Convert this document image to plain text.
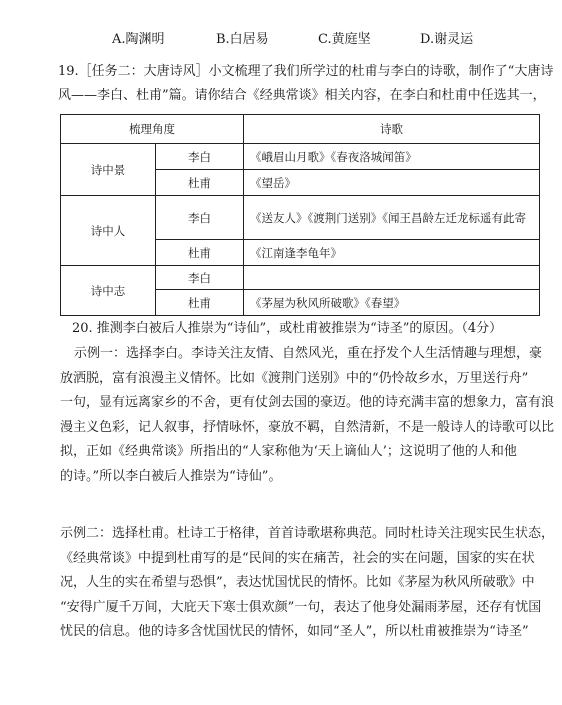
A.陶渊明	B.白居易	C.黄庭坚	D.谢灵运

19.［任务二：大唐诗风］小文梳理了我们所学过的杜甫与李白的诗歌，制作了“大唐诗

风——李白、杜甫”篇。请你结合《经典常谈》相关内容，在李白和杜甫中任选其一，

梳理角度		诗歌
诗中景	李白	《峨眉山月歌》《春夜洛城闻笛》
	杜甫	《望岳》
诗中人	李白	《送友人》《渡荆门送别》《闻王昌龄左迁龙标遥有此寄
	杜甫	《江南逢李龟年》
诗中志	李白	
	杜甫	《茅屋为秋风所破歌》《春望》
20. 推测李白被后人推崇为“诗仙”，或杜甫被推崇为“诗圣”的原因。（4分）

示例一：选择李白。李诗关注友情、自然风光，重在抒发个人生活情趣与理想，豪

放洒脱，富有浪漫主义情怀。比如《渡荆门送别》中的“仍怜故乡水，万里送行舟”

一句，显有远离家乡的不舍，更有仗剑去国的豪迈。他的诗充满丰富的想象力，富有浪

漫主义色彩，记人叙事，抒情咏怀，豪放不羁，自然清新，不是一般诗人的诗歌可以比

拟，正如《经典常谈》所指出的“人家称他为‘天上谪仙人’；这说明了他的人和他

的诗。”所以李白被后人推崇为“诗仙”。

示例二：选择杜甫。杜诗工于格律，首首诗歌堪称典范。同时杜诗关注现实民生状态，

《经典常谈》中提到杜甫写的是“民间的实在痛苦，社会的实在问题，国家的实在状

况，人生的实在希望与恐惧”，表达忧国忧民的情怀。比如《茅屋为秋风所破歌》中

“安得广厦千万间，大庇天下寒士俱欢颜”一句，表达了他身处漏雨茅屋，还存有忧国

忧民的信息。他的诗多含忧国忧民的情怀，如同“圣人”，所以杜甫被推崇为“诗圣”
